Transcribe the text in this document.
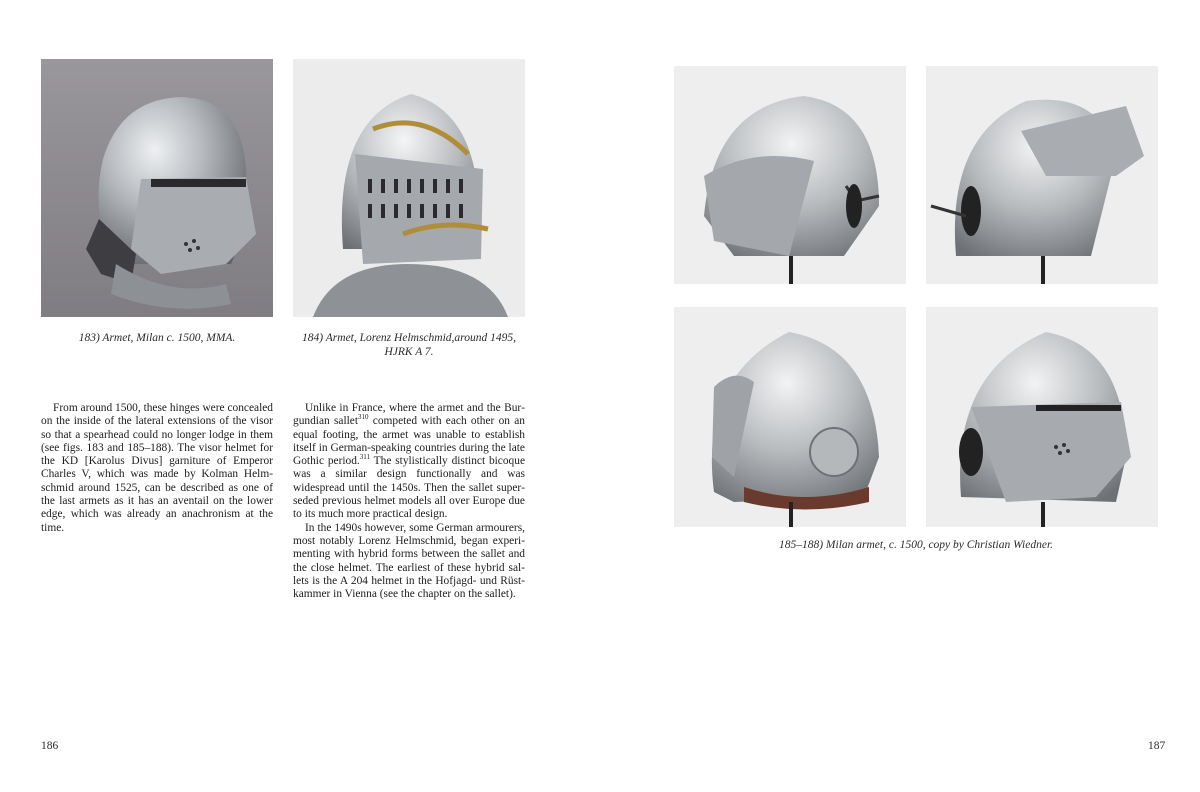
183) Armet, Milan c. 1500, MMA.	184) Armet, Lorenz Helmschmid,around 1495,
HJRK A 7.

From around 1500, these hinges were concealed on the inside of the lateral extensions of the visor so that a spearhead could no longer lodge in them (see figs. 183 and 185–188). The visor helmet for the KD [Karolus Divus] garniture of Emperor Charles V, which was made by Kolman Helmschmid around 1525, can be described as one of the last armets as it has an aventail on the lower edge, which was already an anachronism at the time.

Unlike in France, where the armet and the Burgundian sallet$^{310}$ competed with each other on an equal footing, the armet was unable to establish itself in German-speaking countries during the late Gothic period.$^{311}$ The stylistically distinct bicoque was a similar design functionally and was widespread until the 1450s. Then the sallet superseded previous helmet models all over Europe due to its much more practical design.

In the 1490s however, some German armourers, most notably Lorenz Helmschmid, began experimenting with hybrid forms between the sallet and the close helmet. The earliest of these hybrid sallets is the A 204 helmet in the Hofjagd- und Rüstkammer in Vienna (see the chapter on the sallet).

186
185–188) Milan armet, c. 1500, copy by Christian Wiedner.
187
